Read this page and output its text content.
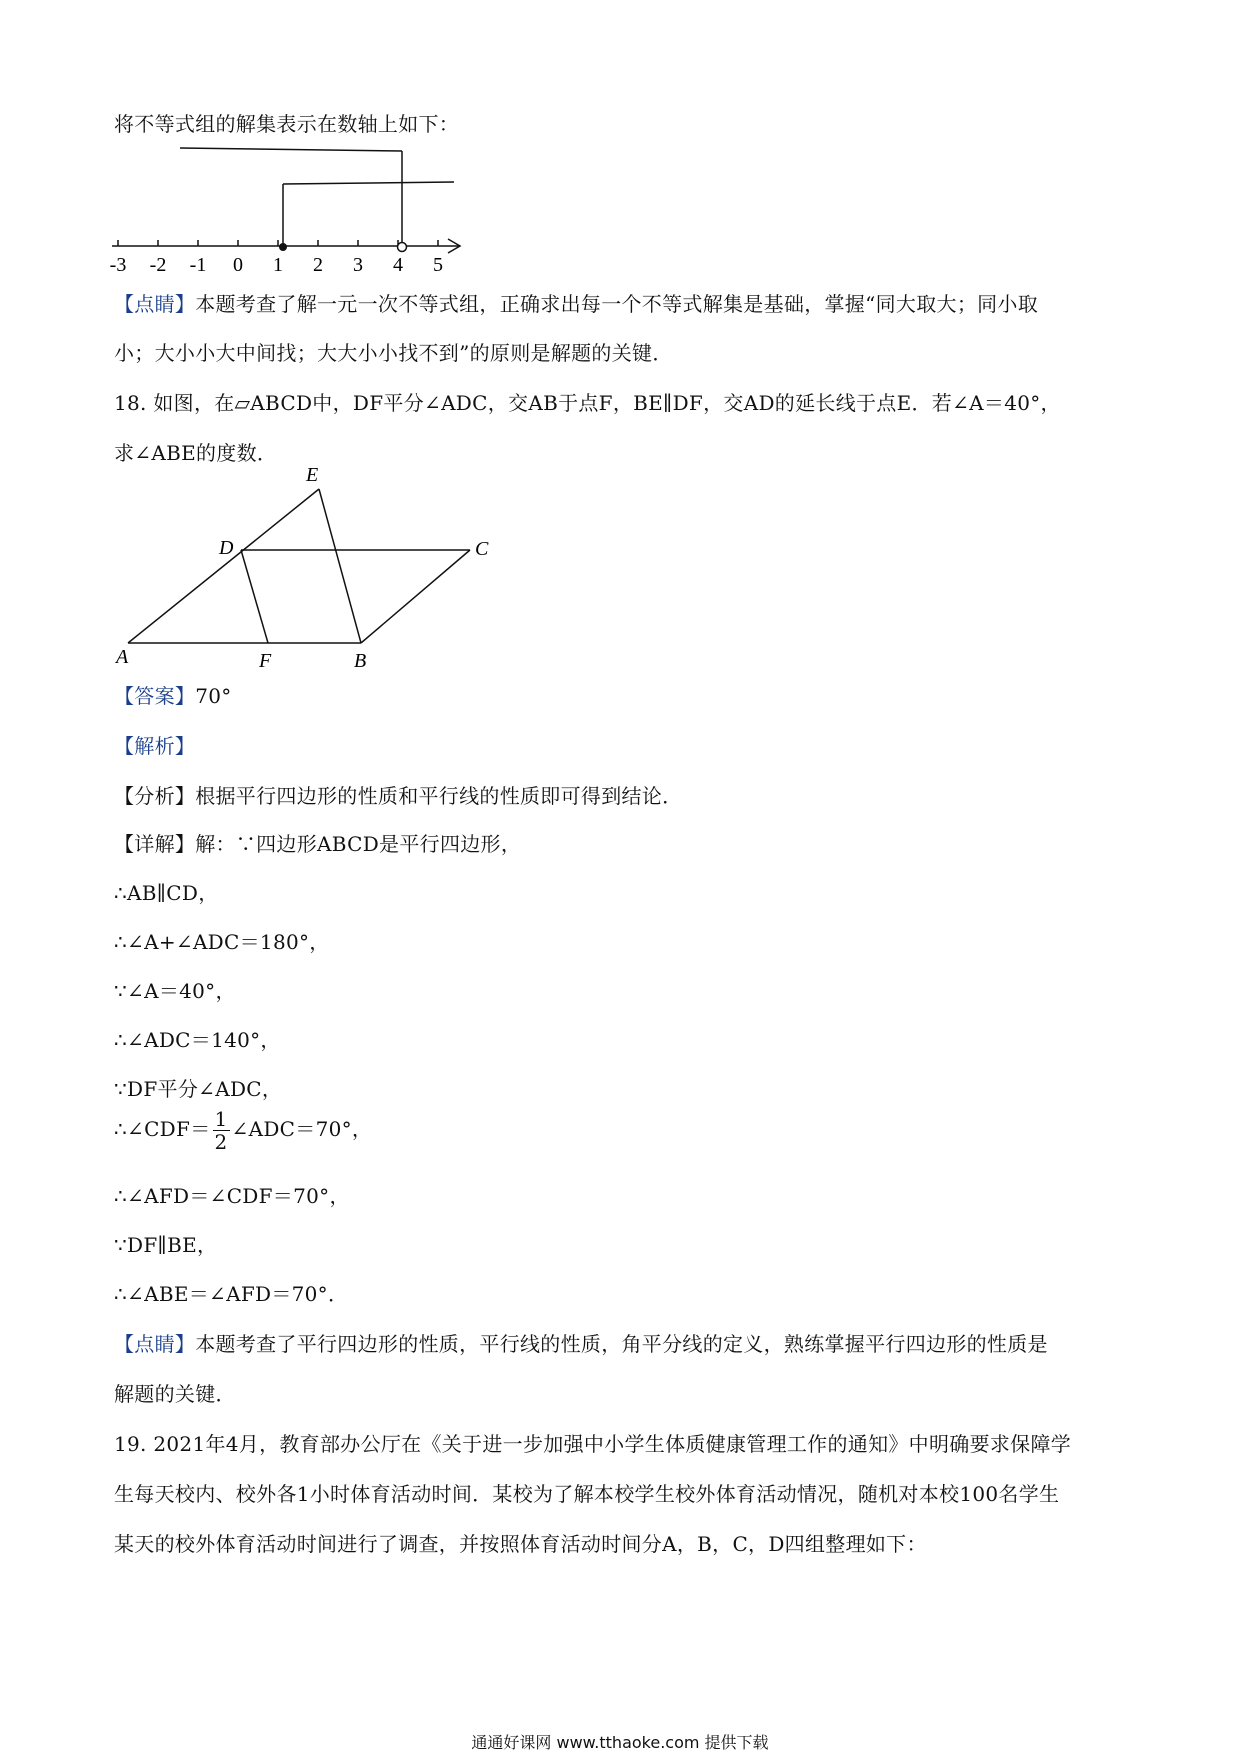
将不等式组的解集表示在数轴上如下：
-3 -2 -1 0 1 2 3 4 5
【点睛】本题考查了解一元一次不等式组，正确求出每一个不等式解集是基础，掌握“同大取大；同小取
小；大小小大中间找；大大小小找不到”的原则是解题的关键．
18. 如图，在▱ABCD中，DF平分∠ADC，交AB于点F，BE∥DF，交AD的延长线于点E．若∠A＝40°，
求∠ABE的度数．
E
D	C
A	F	B
【答案】70°
【解析】
【分析】根据平行四边形的性质和平行线的性质即可得到结论．
【详解】解：∵四边形ABCD是平行四边形，
∴AB∥CD，
∴∠A+∠ADC＝180°，
∵∠A＝40°，
∴∠ADC＝140°，
∵DF平分∠ADC，
∴∠CDF＝ $\frac{1}{2}$ ∠ADC＝70°，
∴∠AFD＝∠CDF＝70°，
∵DF∥BE，
∴∠ABE＝∠AFD＝70°．
【点睛】本题考查了平行四边形的性质，平行线的性质，角平分线的定义，熟练掌握平行四边形的性质是
解题的关键．
19. 2021年4月，教育部办公厅在《关于进一步加强中小学生体质健康管理工作的通知》中明确要求保障学
生每天校内、校外各1小时体育活动时间．某校为了解本校学生校外体育活动情况，随机对本校100名学生
某天的校外体育活动时间进行了调查，并按照体育活动时间分A，B，C，D四组整理如下：
通通好课网 www.tthaoke.com 提供下载
